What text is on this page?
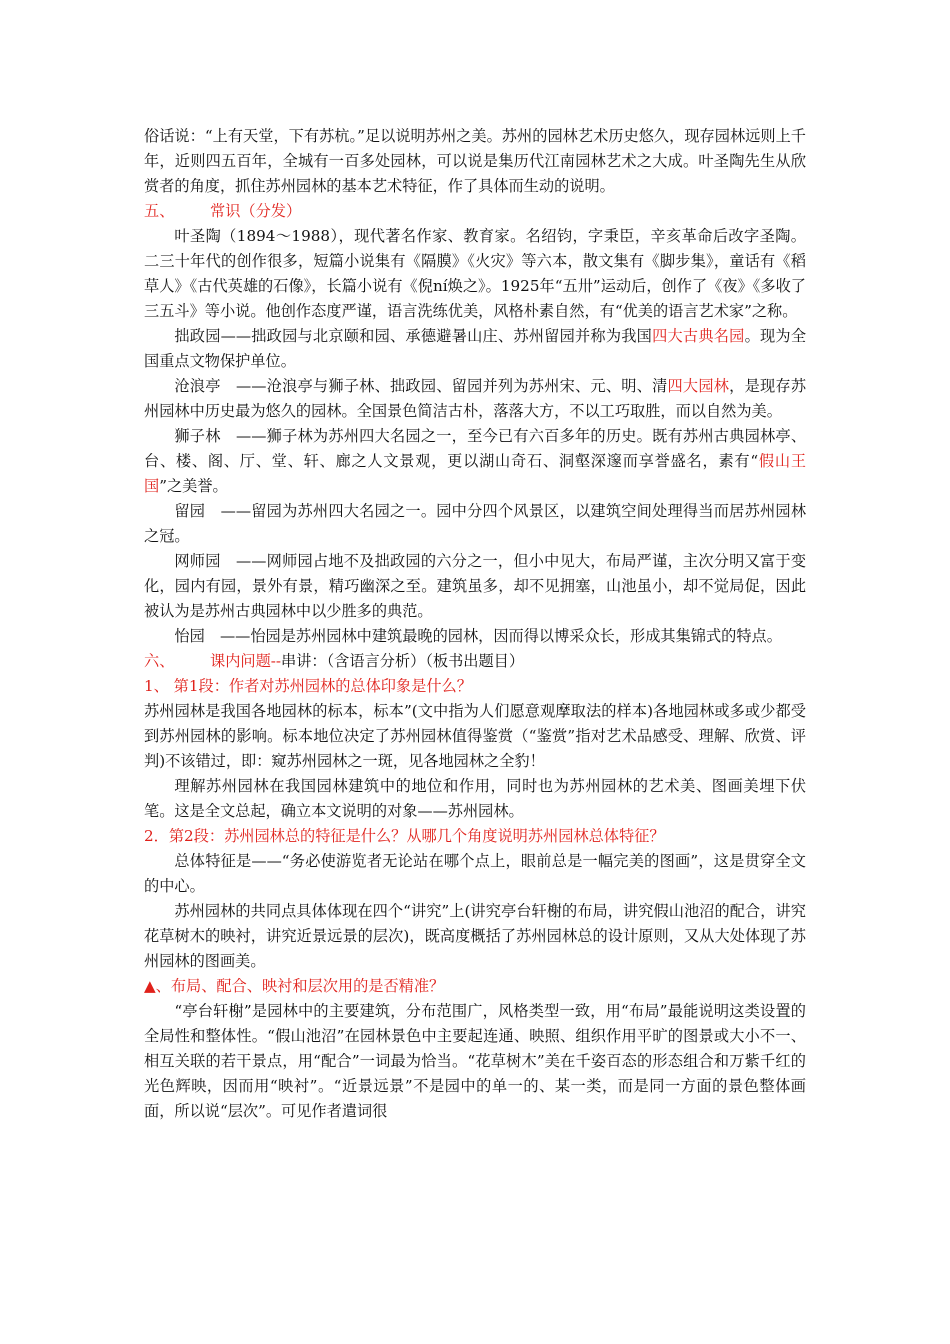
俗话说：“上有天堂，下有苏杭。”足以说明苏州之美。苏州的园林艺术历史悠久，现存园林远则上千年，近则四五百年，全城有一百多处园林，可以说是集历代江南园林艺术之大成。叶圣陶先生从欣赏者的角度，抓住苏州园林的基本艺术特征，作了具体而生动的说明。

五、 常识（分发）

叶圣陶（1894～1988），现代著名作家、教育家。名绍钧，字秉臣，辛亥革命后改字圣陶。二三十年代的创作很多，短篇小说集有《隔膜》《火灾》等六本，散文集有《脚步集》，童话有《稻草人》《古代英雄的石像》，长篇小说有《倪ní焕之》。1925年“五卅”运动后，创作了《夜》《多收了三五斗》等小说。他创作态度严谨，语言洗练优美，风格朴素自然，有“优美的语言艺术家”之称。

拙政园——拙政园与北京颐和园、承德避暑山庄、苏州留园并称为我国四大古典名园。现为全国重点文物保护单位。

沧浪亭　——沧浪亭与狮子林、拙政园、留园并列为苏州宋、元、明、清四大园林，是现存苏州园林中历史最为悠久的园林。全国景色简洁古朴，落落大方，不以工巧取胜，而以自然为美。

狮子林　——狮子林为苏州四大名园之一，至今已有六百多年的历史。既有苏州古典园林亭、台、楼、阁、厅、堂、轩、廊之人文景观，更以湖山奇石、洞壑深邃而享誉盛名，素有“假山王国”之美誉。

留园　——留园为苏州四大名园之一。园中分四个风景区，以建筑空间处理得当而居苏州园林之冠。

网师园　——网师园占地不及拙政园的六分之一，但小中见大，布局严谨，主次分明又富于变化，园内有园，景外有景，精巧幽深之至。建筑虽多，却不见拥塞，山池虽小，却不觉局促，因此被认为是苏州古典园林中以少胜多的典范。

怡园　——怡园是苏州园林中建筑最晚的园林，因而得以博采众长，形成其集锦式的特点。

六、 课内问题--串讲：（含语言分析）（板书出题目）

1、 第1段：作者对苏州园林的总体印象是什么？

苏州园林是我国各地园林的标本，标本”(文中指为人们愿意观摩取法的样本)各地园林或多或少都受到苏州园林的影响。标本地位决定了苏州园林值得鉴赏（“鉴赏”指对艺术品感受、理解、欣赏、评判)不该错过，即：窥苏州园林之一斑，见各地园林之全豹！

理解苏州园林在我国园林建筑中的地位和作用，同时也为苏州园林的艺术美、图画美埋下伏笔。这是全文总起，确立本文说明的对象——苏州园林。

2．第2段：苏州园林总的特征是什么？从哪几个角度说明苏州园林总体特征？

总体特征是——“务必使游览者无论站在哪个点上，眼前总是一幅完美的图画”，这是贯穿全文的中心。

苏州园林的共同点具体体现在四个“讲究”上(讲究亭台轩榭的布局，讲究假山池沼的配合，讲究花草树木的映衬，讲究近景远景的层次)，既高度概括了苏州园林总的设计原则，又从大处体现了苏州园林的图画美。

▲、布局、配合、映衬和层次用的是否精准？

“亭台轩榭”是园林中的主要建筑，分布范围广，风格类型一致，用“布局”最能说明这类设置的全局性和整体性。“假山池沼”在园林景色中主要起连通、映照、组织作用平旷的图景或大小不一、相互关联的若干景点，用“配合”一词最为恰当。“花草树木”美在千姿百态的形态组合和万紫千红的光色辉映，因而用“映衬”。“近景远景”不是园中的单一的、某一类，而是同一方面的景色整体画面，所以说“层次”。可见作者遣词很
